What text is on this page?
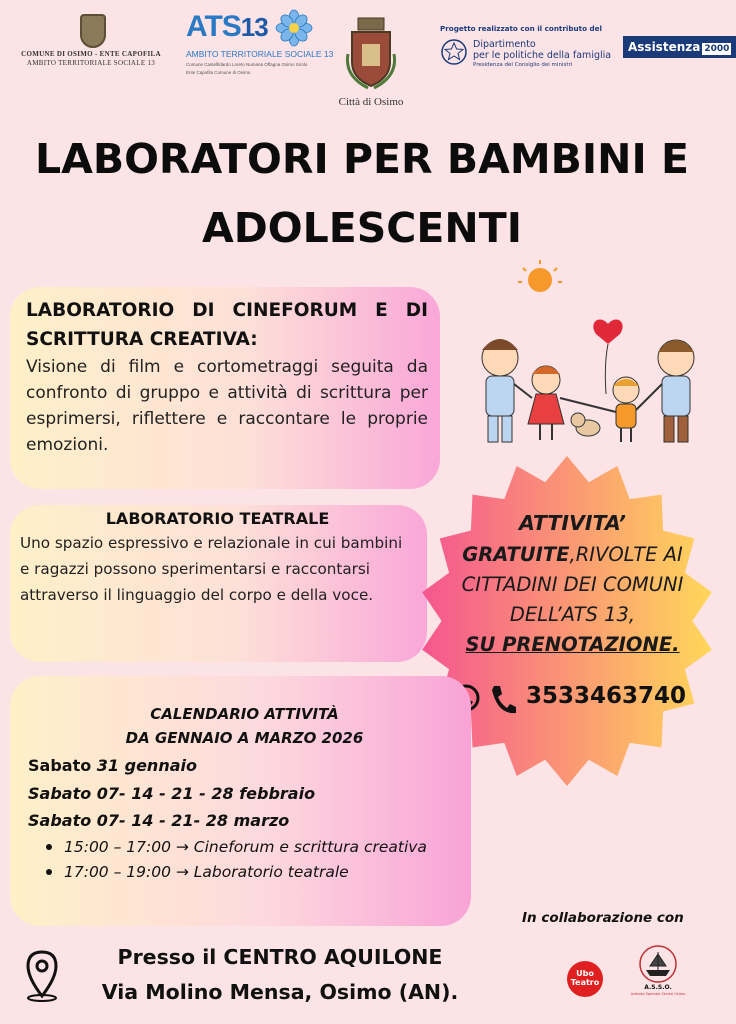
COMUNE DI OSIMO - ENTE CAPOFILA
AMBITO TERRITORIALE SOCIALE 13
ATS13
AMBITO TERRITORIALE SOCIALE 13
Comune Castelfidardo Loreto Numana Offagna Osimo Sirolo
Ente Capofila Comune di Osimo
Città di Osimo
Progetto realizzato con il contributo del
Dipartimento
per le politiche della famiglia
Presidenza del Consiglio dei ministri
Assistenza 2000
LABORATORI PER BAMBINI E
ADOLESCENTI
LABORATORIO DI CINEFORUM E DI
SCRITTURA CREATIVA:
Visione di film e cortometraggi seguita da confronto di gruppo e attività di scrittura per esprimersi, riflettere e raccontare le proprie emozioni.
LABORATORIO TEATRALE
Uno spazio espressivo e relazionale in cui bambini e ragazzi possono sperimentarsi e raccontarsi attraverso il linguaggio del corpo e della voce.
ATTIVITA’
GRATUITE,RIVOLTE AI
CITTADINI DEI COMUNI
DELL’ATS 13,
SU PRENOTAZIONE.
3533463740
CALENDARIO ATTIVITÀ
DA GENNAIO A MARZO 2026
Sabato 31 gennaio
Sabato 07- 14 - 21 - 28 febbraio
Sabato 07- 14 - 21- 28 marzo
15:00 – 17:00 → Cineforum e scrittura creativa
17:00 – 19:00 → Laboratorio teatrale
Presso il CENTRO AQUILONE
Via Molino Mensa, Osimo (AN).
In collaborazione con
Ubo
Teatro
A.S.S.O.
Azienda Speciale Servizi Osimo
